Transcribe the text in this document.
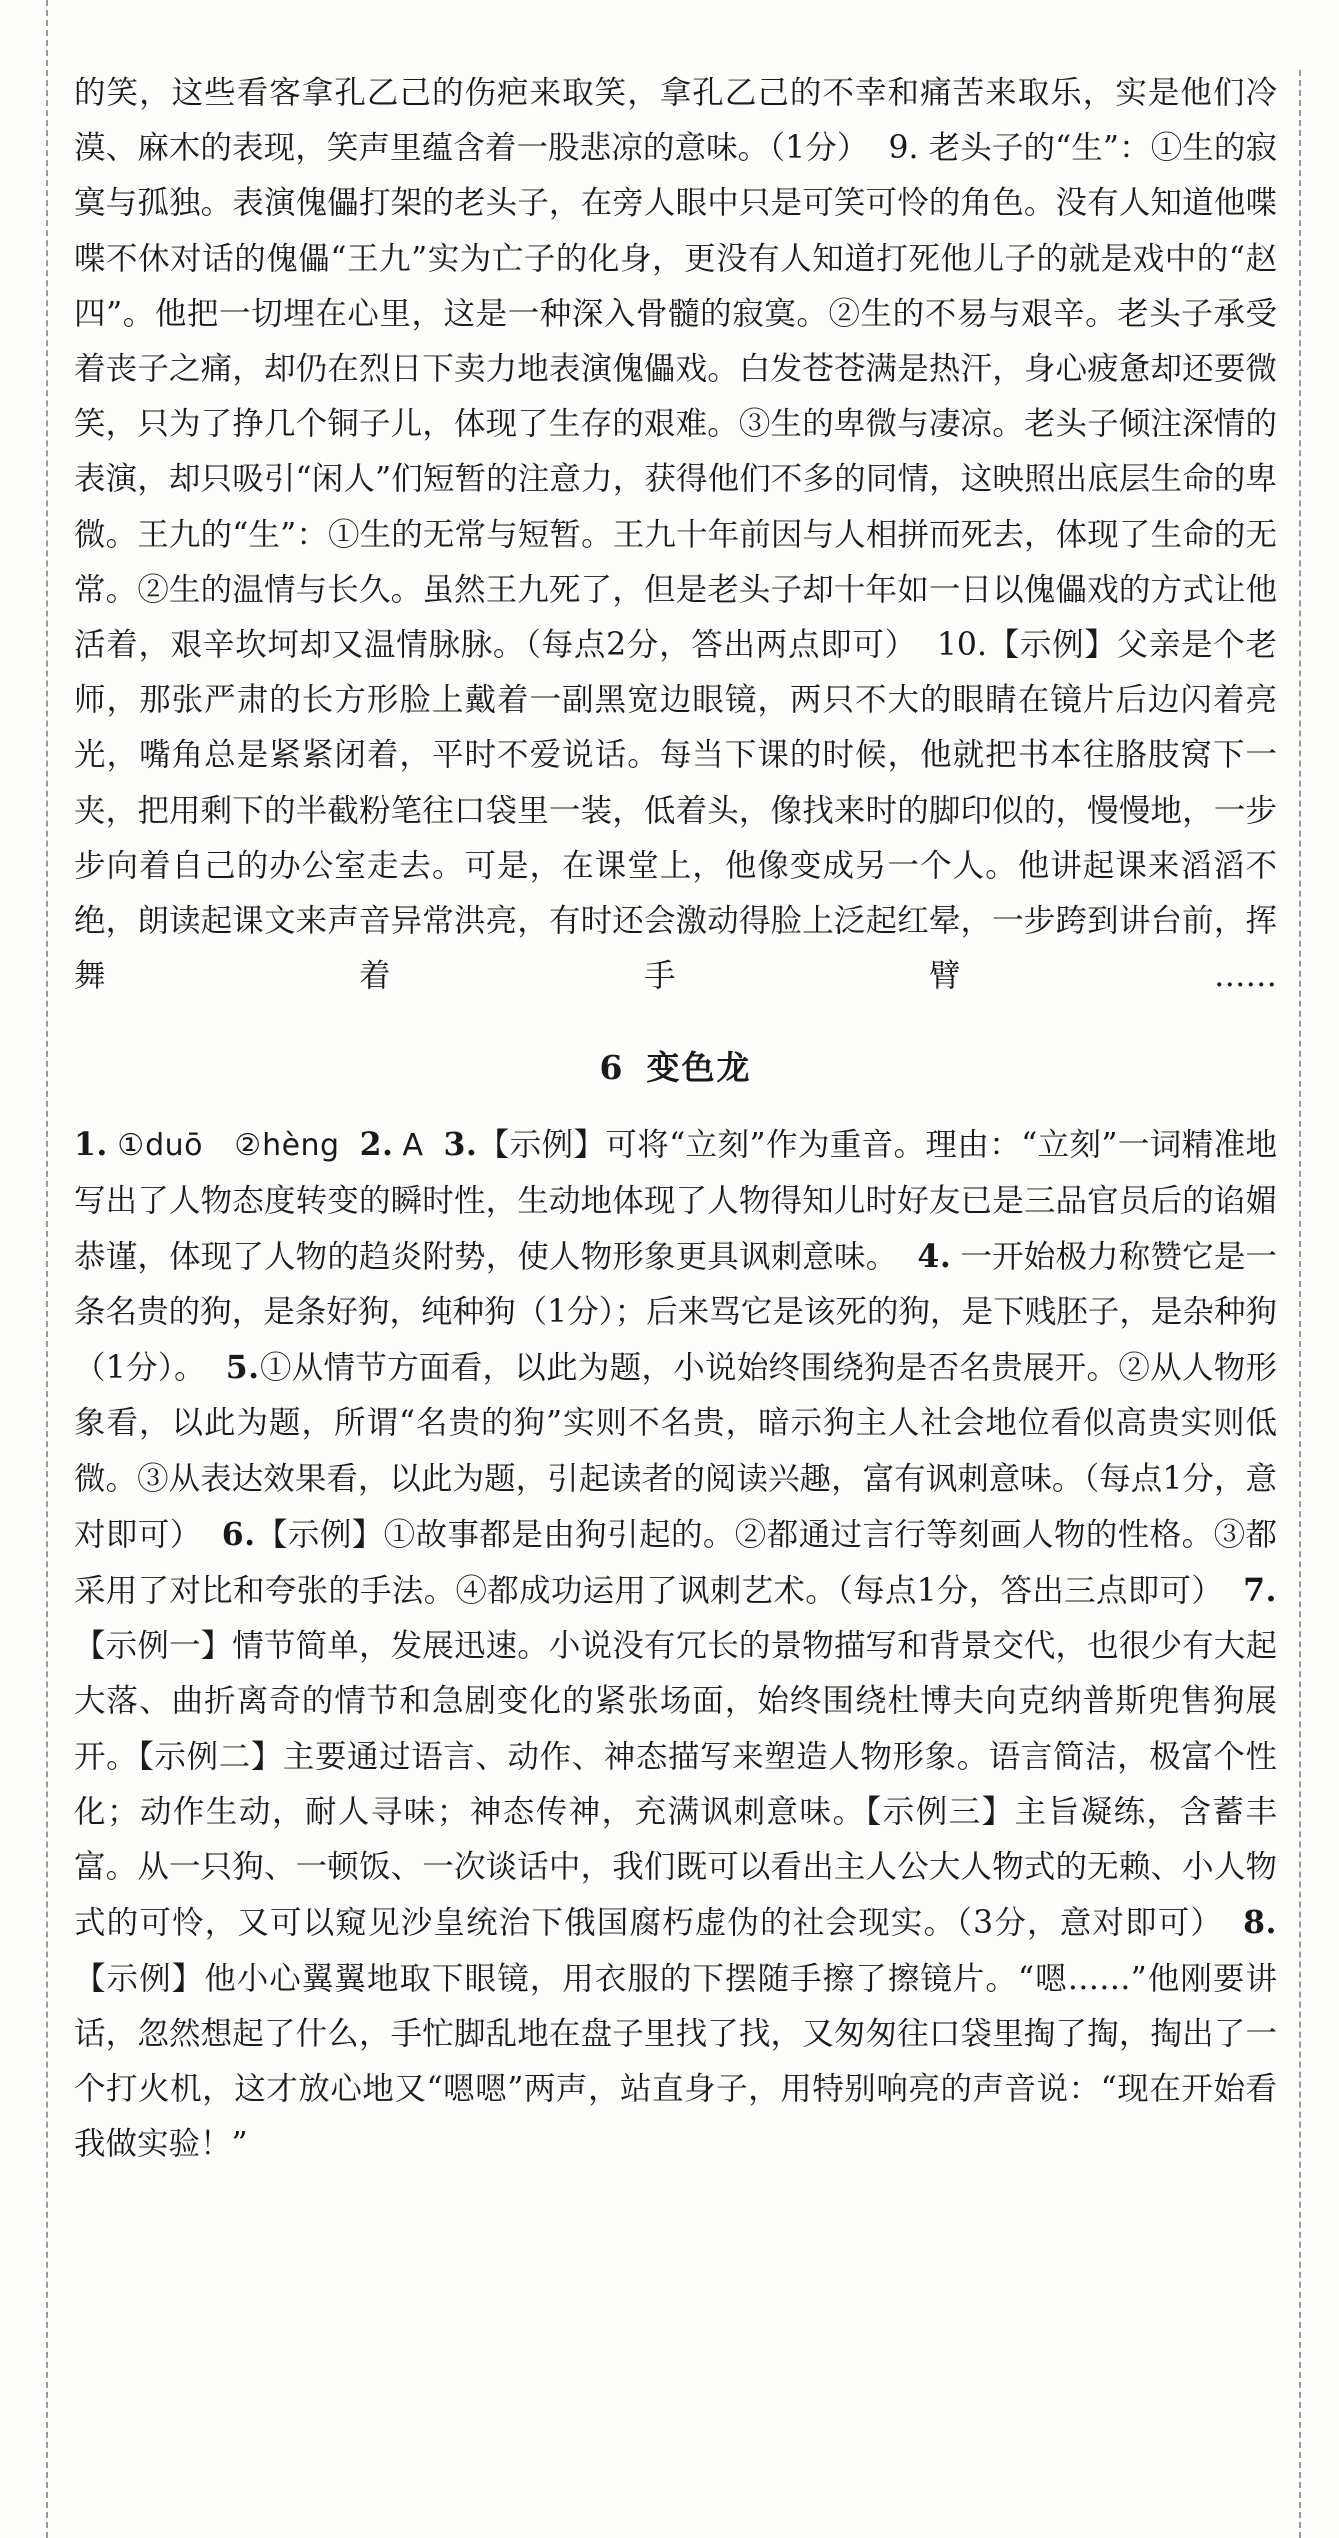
的笑，这些看客拿孔乙己的伤疤来取笑，拿孔乙己的不幸和痛苦来取乐，实是他们冷漠、麻木的表现，笑声里蕴含着一股悲凉的意味。（1分） 9. 老头子的“生”：①生的寂寞与孤独。表演傀儡打架的老头子，在旁人眼中只是可笑可怜的角色。没有人知道他喋喋不休对话的傀儡“王九”实为亡子的化身，更没有人知道打死他儿子的就是戏中的“赵四”。他把一切埋在心里，这是一种深入骨髓的寂寞。②生的不易与艰辛。老头子承受着丧子之痛，却仍在烈日下卖力地表演傀儡戏。白发苍苍满是热汗，身心疲惫却还要微笑，只为了挣几个铜子儿，体现了生存的艰难。③生的卑微与凄凉。老头子倾注深情的表演，却只吸引“闲人”们短暂的注意力，获得他们不多的同情，这映照出底层生命的卑微。王九的“生”：①生的无常与短暂。王九十年前因与人相拼而死去，体现了生命的无常。②生的温情与长久。虽然王九死了，但是老头子却十年如一日以傀儡戏的方式让他活着，艰辛坎坷却又温情脉脉。（每点2分，答出两点即可） 10.【示例】父亲是个老师，那张严肃的长方形脸上戴着一副黑宽边眼镜，两只不大的眼睛在镜片后边闪着亮光，嘴角总是紧紧闭着，平时不爱说话。每当下课的时候，他就把书本往胳肢窝下一夹，把用剩下的半截粉笔往口袋里一装，低着头，像找来时的脚印似的，慢慢地，一步步向着自己的办公室走去。可是，在课堂上，他像变成另一个人。他讲起课来滔滔不绝，朗读起课文来声音异常洪亮，有时还会激动得脸上泛起红晕，一步跨到讲台前，挥舞着手臂……

6 变色龙

1. ①duō　②hèng 2. A 3.【示例】可将“立刻”作为重音。理由：“立刻”一词精准地写出了人物态度转变的瞬时性，生动地体现了人物得知儿时好友已是三品官员后的谄媚恭谨，体现了人物的趋炎附势，使人物形象更具讽刺意味。 4. 一开始极力称赞它是一条名贵的狗，是条好狗，纯种狗（1分）；后来骂它是该死的狗，是下贱胚子，是杂种狗（1分）。 5.①从情节方面看，以此为题，小说始终围绕狗是否名贵展开。②从人物形象看，以此为题，所谓“名贵的狗”实则不名贵，暗示狗主人社会地位看似高贵实则低微。③从表达效果看，以此为题，引起读者的阅读兴趣，富有讽刺意味。（每点1分，意对即可） 6.【示例】①故事都是由狗引起的。②都通过言行等刻画人物的性格。③都采用了对比和夸张的手法。④都成功运用了讽刺艺术。（每点1分，答出三点即可） 7.【示例一】情节简单，发展迅速。小说没有冗长的景物描写和背景交代，也很少有大起大落、曲折离奇的情节和急剧变化的紧张场面，始终围绕杜博夫向克纳普斯兜售狗展开。【示例二】主要通过语言、动作、神态描写来塑造人物形象。语言简洁，极富个性化；动作生动，耐人寻味；神态传神，充满讽刺意味。【示例三】主旨凝练，含蓄丰富。从一只狗、一顿饭、一次谈话中，我们既可以看出主人公大人物式的无赖、小人物式的可怜，又可以窥见沙皇统治下俄国腐朽虚伪的社会现实。（3分，意对即可） 8.【示例】他小心翼翼地取下眼镜，用衣服的下摆随手擦了擦镜片。“嗯……”他刚要讲话，忽然想起了什么，手忙脚乱地在盘子里找了找，又匆匆往口袋里掏了掏，掏出了一个打火机，这才放心地又“嗯嗯”两声，站直身子，用特别响亮的声音说：“现在开始看我做实验！”
